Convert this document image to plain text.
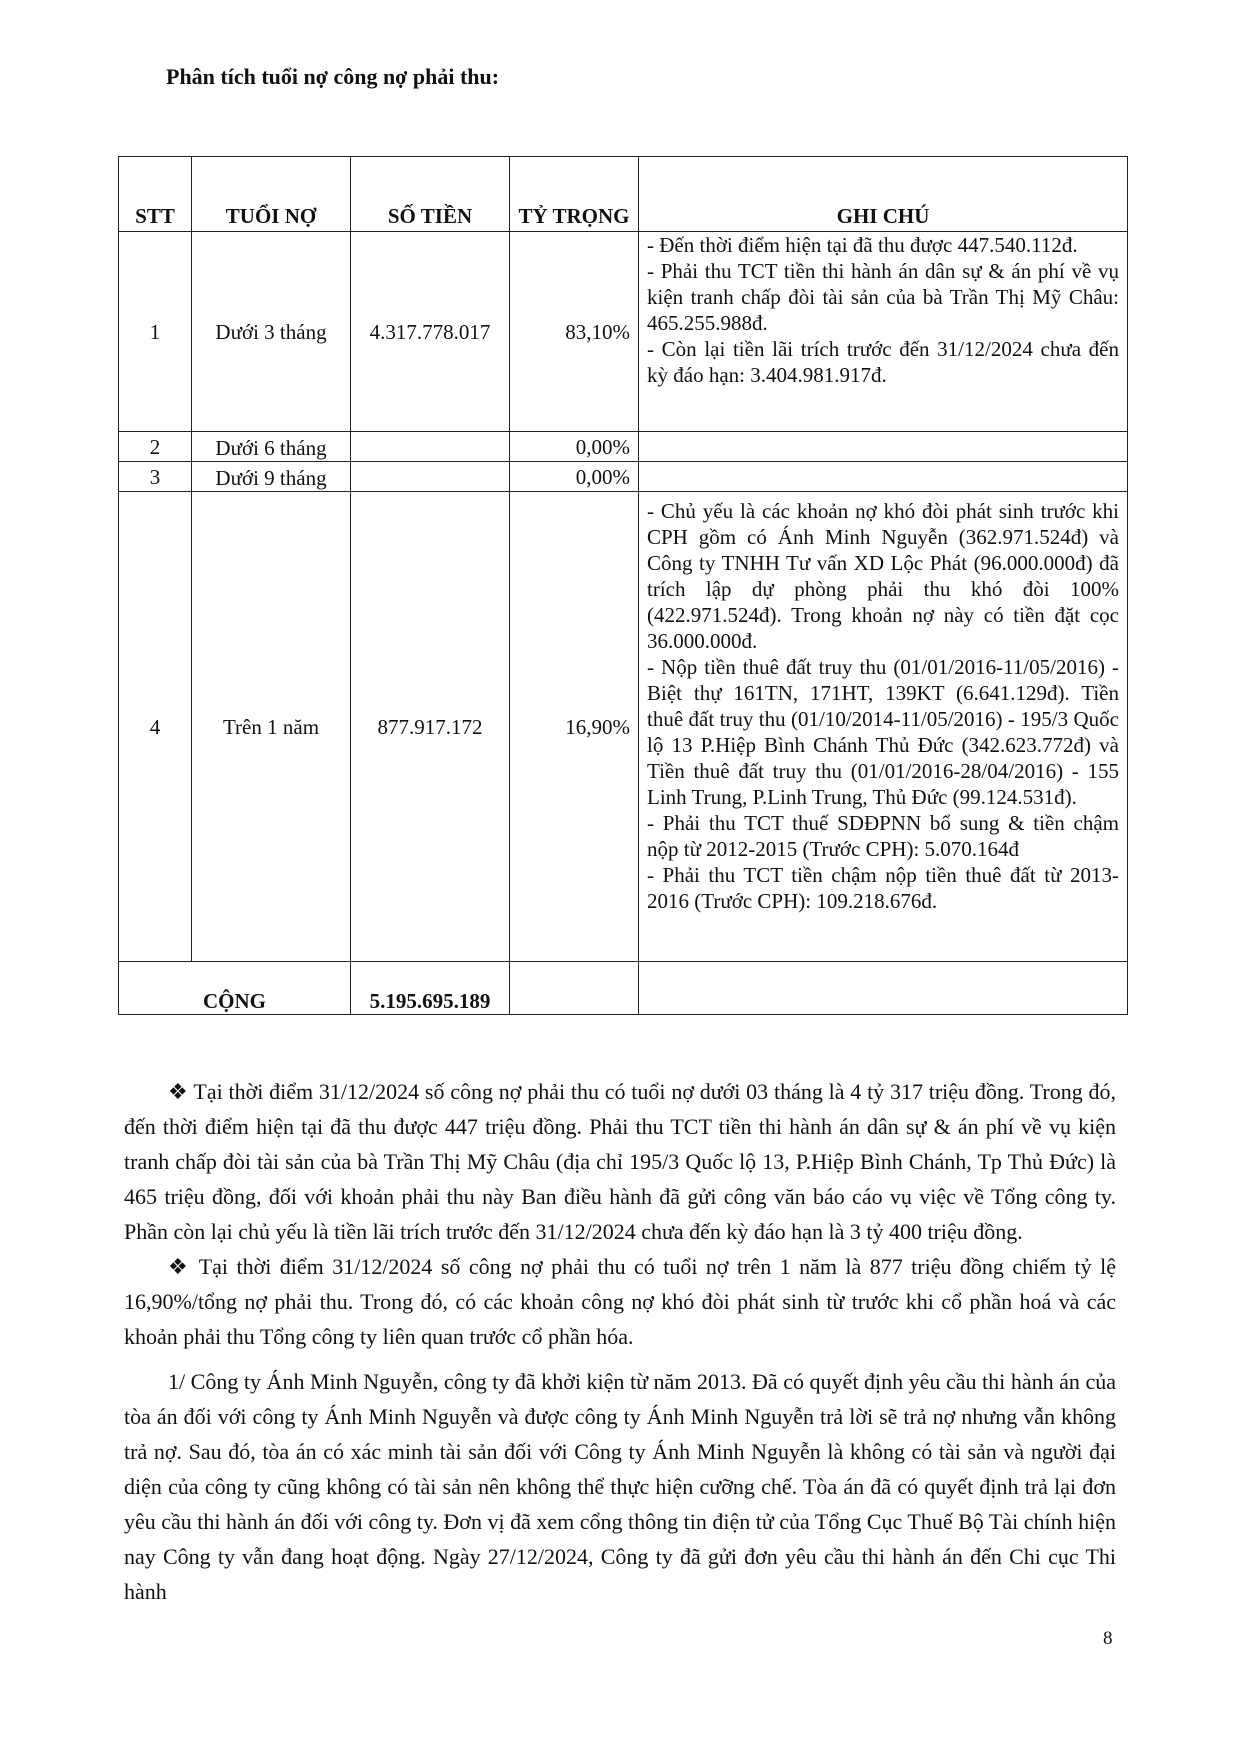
Phân tích tuổi nợ công nợ phải thu:
STT	TUỔI NỢ	SỐ TIỀN	TỶ TRỌNG	GHI CHÚ
1	Dưới 3 tháng	4.317.778.017	83,10%	- Đến thời điểm hiện tại đã thu được 447.540.112đ.
- Phải thu TCT tiền thi hành án dân sự & án phí về vụ kiện tranh chấp đòi tài sản của bà Trần Thị Mỹ Châu: 465.255.988đ.
- Còn lại tiền lãi trích trước đến 31/12/2024 chưa đến kỳ đáo hạn: 3.404.981.917đ.

2	Dưới 6 tháng		0,00%	
3	Dưới 9 tháng		0,00%	
4	Trên 1 năm	877.917.172	16,90%	- Chủ yếu là các khoản nợ khó đòi phát sinh trước khi CPH gồm có Ánh Minh Nguyễn (362.971.524đ) và Công ty TNHH Tư vấn XD Lộc Phát (96.000.000đ) đã trích lập dự phòng phải thu khó đòi 100% (422.971.524đ). Trong khoản nợ này có tiền đặt cọc 36.000.000đ.
- Nộp tiền thuê đất truy thu (01/01/2016-11/05/2016) - Biệt thự 161TN, 171HT, 139KT (6.641.129đ). Tiền thuê đất truy thu (01/10/2014-11/05/2016) - 195/3 Quốc lộ 13 P.Hiệp Bình Chánh Thủ Đức (342.623.772đ) và Tiền thuê đất truy thu (01/01/2016-28/04/2016) - 155 Linh Trung, P.Linh Trung, Thủ Đức (99.124.531đ).
- Phải thu TCT thuế SDĐPNN bổ sung & tiền chậm nộp từ 2012-2015 (Trước CPH): 5.070.164đ
- Phải thu TCT tiền chậm nộp tiền thuê đất từ 2013-2016 (Trước CPH): 109.218.676đ.

CỘNG		5.195.695.189		

❖ Tại thời điểm 31/12/2024 số công nợ phải thu có tuổi nợ dưới 03 tháng là 4 tỷ 317 triệu đồng. Trong đó, đến thời điểm hiện tại đã thu được 447 triệu đồng. Phải thu TCT tiền thi hành án dân sự & án phí về vụ kiện tranh chấp đòi tài sản của bà Trần Thị Mỹ Châu (địa chỉ 195/3 Quốc lộ 13, P.Hiệp Bình Chánh, Tp Thủ Đức) là 465 triệu đồng, đối với khoản phải thu này Ban điều hành đã gửi công văn báo cáo vụ việc về Tổng công ty. Phần còn lại chủ yếu là tiền lãi trích trước đến 31/12/2024 chưa đến kỳ đáo hạn là 3 tỷ 400 triệu đồng.

❖ Tại thời điểm 31/12/2024 số công nợ phải thu có tuổi nợ trên 1 năm là 877 triệu đồng chiếm tỷ lệ 16,90%/tổng nợ phải thu. Trong đó, có các khoản công nợ khó đòi phát sinh từ trước khi cổ phần hoá và các khoản phải thu Tổng công ty liên quan trước cổ phần hóa.

1/ Công ty Ánh Minh Nguyễn, công ty đã khởi kiện từ năm 2013. Đã có quyết định yêu cầu thi hành án của tòa án đối với công ty Ánh Minh Nguyễn và được công ty Ánh Minh Nguyễn trả lời sẽ trả nợ nhưng vẫn không trả nợ. Sau đó, tòa án có xác minh tài sản đối với Công ty Ánh Minh Nguyễn là không có tài sản và người đại diện của công ty cũng không có tài sản nên không thể thực hiện cưỡng chế. Tòa án đã có quyết định trả lại đơn yêu cầu thi hành án đối với công ty. Đơn vị đã xem cổng thông tin điện tử của Tổng Cục Thuế Bộ Tài chính hiện nay Công ty vẫn đang hoạt động. Ngày 27/12/2024, Công ty đã gửi đơn yêu cầu thi hành án đến Chi cục Thi hành

8
